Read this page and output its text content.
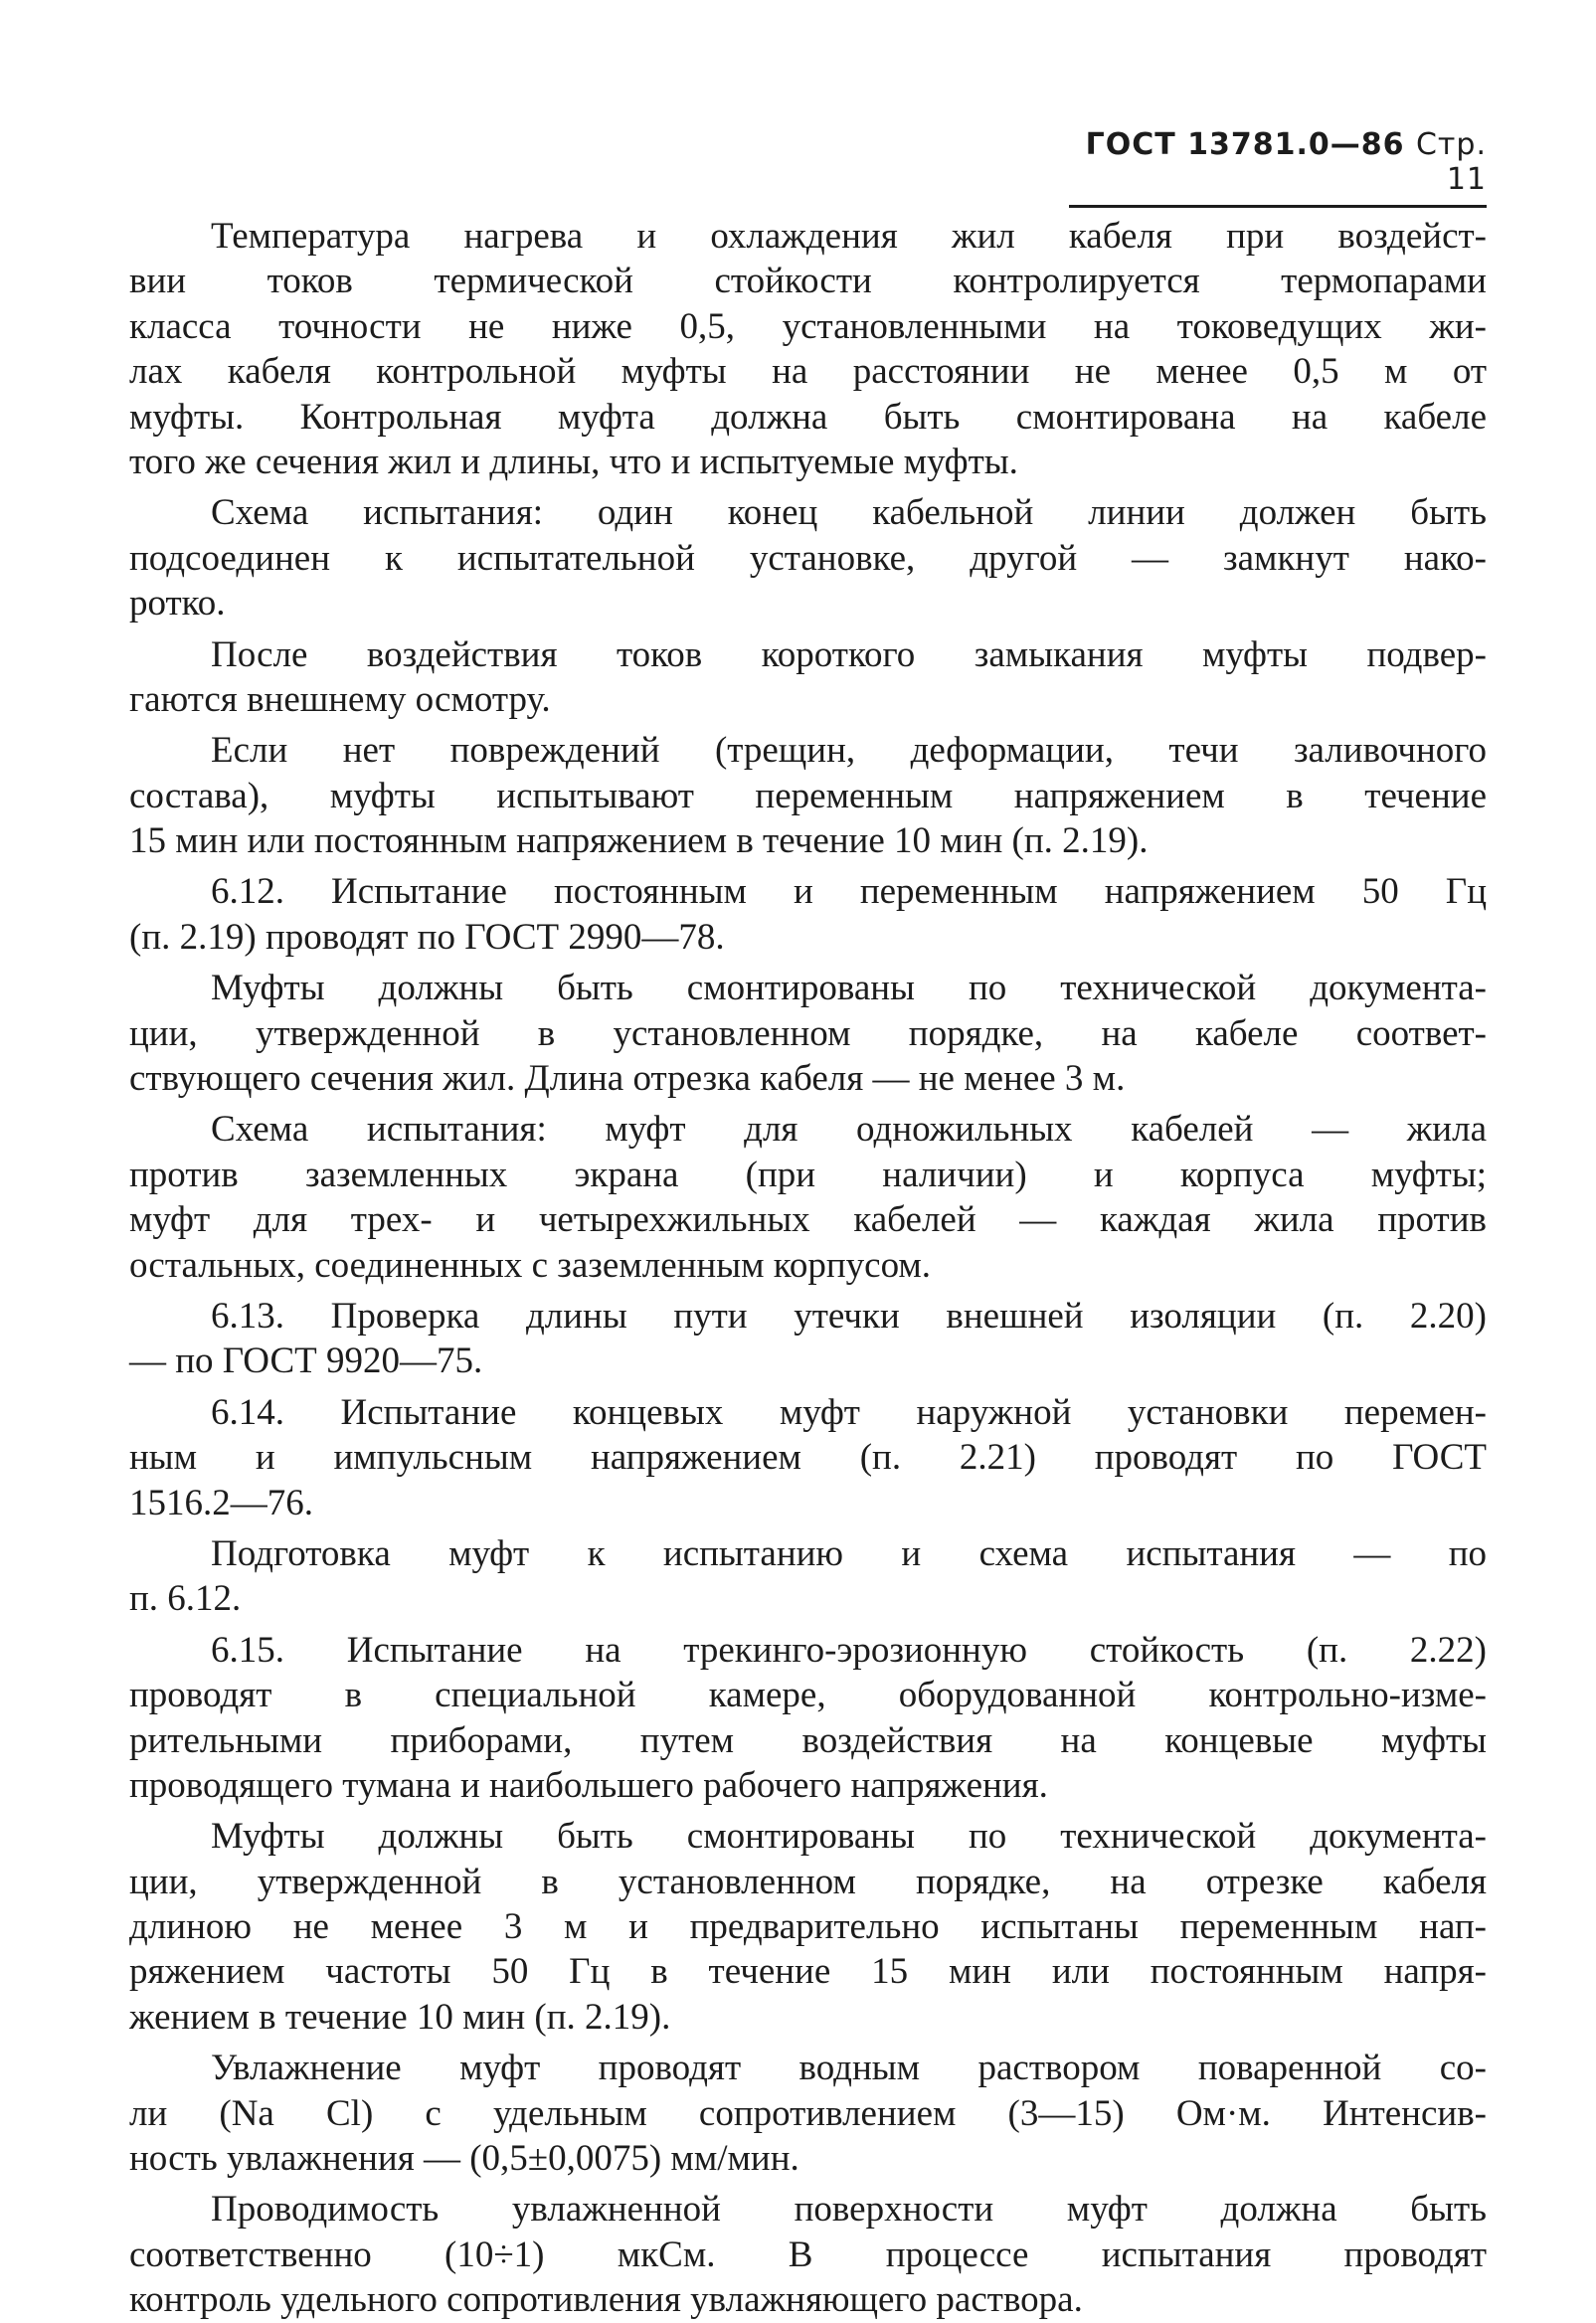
ГОСТ 13781.0—86 Стр. 11
Температура нагрева и охлаждения жил кабеля при воздейст-
вии токов термической стойкости контролируется термопарами
класса точности не ниже 0,5, установленными на токоведущих жи-
лах кабеля контрольной муфты на расстоянии не менее 0,5 м от
муфты. Контрольная муфта должна быть смонтирована на кабеле
того же сечения жил и длины, что и испытуемые муфты.
Схема испытания: один конец кабельной линии должен быть
подсоединен к испытательной установке, другой — замкнут нако-
ротко.
После воздействия токов короткого замыкания муфты подвер-
гаются внешнему осмотру.
Если нет повреждений (трещин, деформации, течи заливочного
состава), муфты испытывают переменным напряжением в течение
15 мин или постоянным напряжением в течение 10 мин (п. 2.19).
6.12. Испытание постоянным и переменным напряжением 50 Гц
(п. 2.19) проводят по ГОСТ 2990—78.
Муфты должны быть смонтированы по технической документа-
ции, утвержденной в установленном порядке, на кабеле соответ-
ствующего сечения жил. Длина отрезка кабеля — не менее 3 м.
Схема испытания: муфт для одножильных кабелей — жила
против заземленных экрана (при наличии) и корпуса муфты;
муфт для трех- и четырехжильных кабелей — каждая жила против
остальных, соединенных с заземленным корпусом.
6.13. Проверка длины пути утечки внешней изоляции (п. 2.20)
— по ГОСТ 9920—75.
6.14. Испытание концевых муфт наружной установки перемен-
ным и импульсным напряжением (п. 2.21) проводят по ГОСТ
1516.2—76.
Подготовка муфт к испытанию и схема испытания — по
п. 6.12.
6.15. Испытание на трекинго-эрозионную стойкость (п. 2.22)
проводят в специальной камере, оборудованной контрольно-изме-
рительными приборами, путем воздействия на концевые муфты
проводящего тумана и наибольшего рабочего напряжения.
Муфты должны быть смонтированы по технической документа-
ции, утвержденной в установленном порядке, на отрезке кабеля
длиною не менее 3 м и предварительно испытаны переменным нап-
ряжением частоты 50 Гц в течение 15 мин или постоянным напря-
жением в течение 10 мин (п. 2.19).
Увлажнение муфт проводят водным раствором поваренной со-
ли (Na Cl) с удельным сопротивлением (3—15) Ом·м. Интенсив-
ность увлажнения — (0,5±0,0075) мм/мин.
Проводимость увлажненной поверхности муфт должна быть
соответственно (10÷1) мкСм. В процессе испытания проводят
контроль удельного сопротивления увлажняющего раствора.
